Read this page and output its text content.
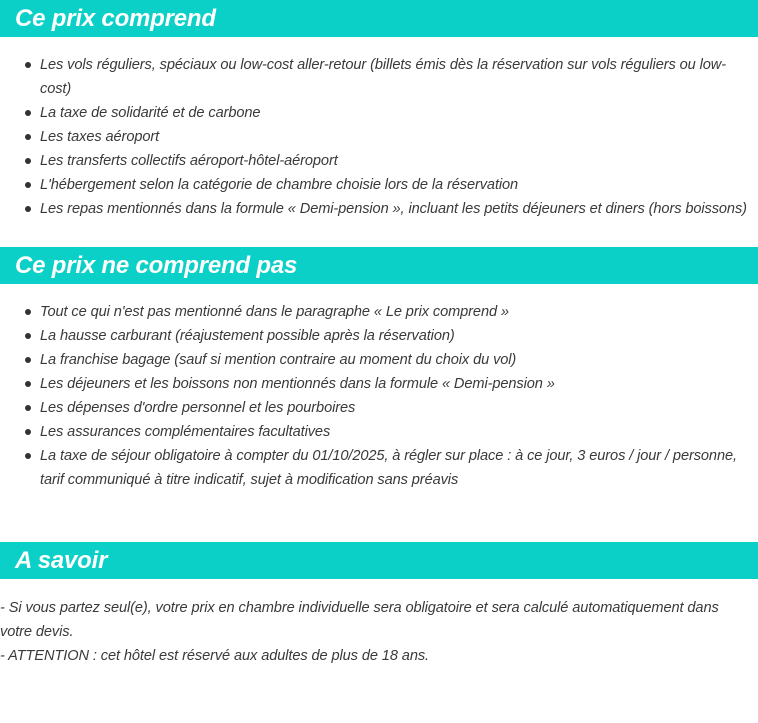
Ce prix comprend
Les vols réguliers, spéciaux ou low-cost aller-retour (billets émis dès la réservation sur vols réguliers ou low-cost)
La taxe de solidarité et de carbone
Les taxes aéroport
Les transferts collectifs aéroport-hôtel-aéroport
L'hébergement selon la catégorie de chambre choisie lors de la réservation
Les repas mentionnés dans la formule « Demi-pension », incluant les petits déjeuners et diners (hors boissons)
Ce prix ne comprend pas
Tout ce qui n'est pas mentionné dans le paragraphe « Le prix comprend »
La hausse carburant (réajustement possible après la réservation)
La franchise bagage (sauf si mention contraire au moment du choix du vol)
Les déjeuners et les boissons non mentionnés dans la formule « Demi-pension »
Les dépenses d'ordre personnel et les pourboires
Les assurances complémentaires facultatives
La taxe de séjour obligatoire à compter du 01/10/2025, à régler sur place : à ce jour, 3 euros / jour / personne, tarif communiqué à titre indicatif, sujet à modification sans préavis
A savoir
- Si vous partez seul(e), votre prix en chambre individuelle sera obligatoire et sera calculé automatiquement dans votre devis.
- ATTENTION : cet hôtel est réservé aux adultes de plus de 18 ans.
